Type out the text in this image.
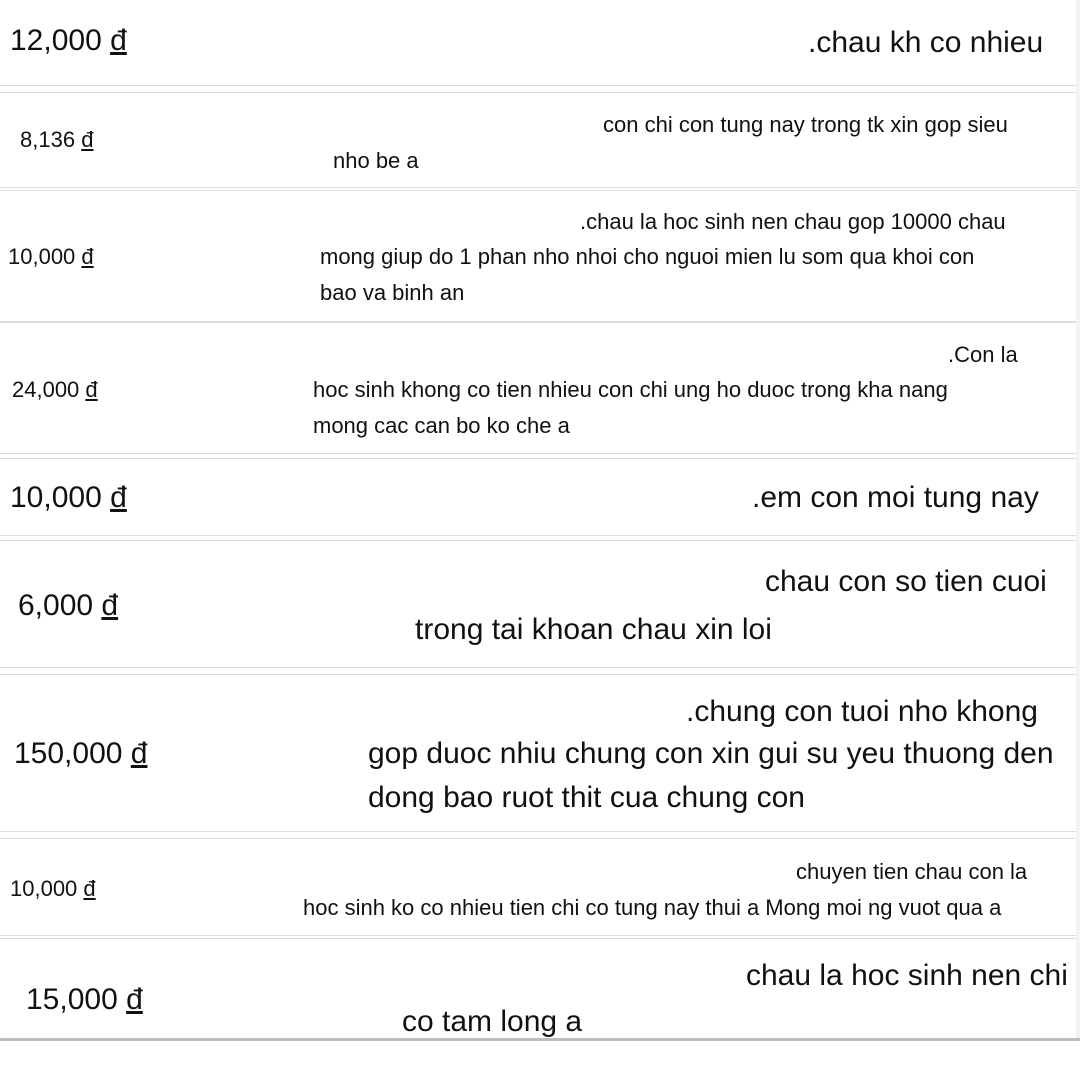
12,000 đ	.chau kh co nhieu
8,136 đ
con chi con tung nay trong tk xin gop sieu
nho be a
10,000 đ
.chau la hoc sinh nen chau gop 10000 chau
mong giup do 1 phan nho nhoi cho nguoi mien lu som qua khoi con
bao va binh an
24,000 đ
.Con la
hoc sinh khong co tien nhieu con chi ung ho duoc trong kha nang
mong cac can bo ko che a
10,000 đ	.em con moi tung nay
6,000 đ
chau con so tien cuoi
trong tai khoan chau xin loi
150,000 đ
.chung con tuoi nho khong
gop duoc nhiu chung con xin gui su yeu thuong den
dong bao ruot thit cua chung con
10,000 đ
chuyen tien chau con la
hoc sinh ko co nhieu tien chi co tung nay thui a Mong moi ng vuot qua a
15,000 đ
chau la hoc sinh nen chi
co tam long a
